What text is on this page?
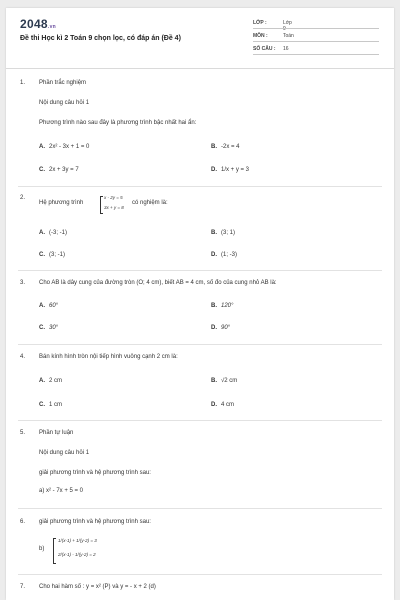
2048.vn
Đề thi Học kì 2 Toán 9 chọn lọc, có đáp án (Đề 4)
LỚP :	Lớp 9
MÔN :	Toán
SỐ CÂU :	16
1. Phần trắc nghiệm
Nội dung câu hỏi 1
Phương trình nào sau đây là phương trình bậc nhất hai ẩn:
A. 2x² - 3x + 1 = 0	B. -2x = 4
C. 2x + 3y = 7	D. 1/x + y = 3
2.
Hệ phương trình
x - 2y = 5
3x + y = 8
có nghiệm là:
A. (-3; -1)	B. (3; 1)
C. (3; -1)	D. (1; -3)
3. Cho AB là dây cung của đường tròn (O; 4 cm), biết AB = 4 cm, số đo của cung nhỏ AB là:
A. 60°	B. 120°
C. 30°	D. 90°
4. Bán kính hình tròn nội tiếp hình vuông cạnh 2 cm là:
A. 2 cm	B. √2 cm
C. 1 cm	D. 4 cm
5. Phần tự luận
Nội dung câu hỏi 1
giải phương trình và hệ phương trình sau:
a) x² - 7x + 5 = 0
6. giải phương trình và hệ phương trình sau:
b)
1/(x-1) + 1/(y-2) = 3
2/(x-1) - 1/(y-2) = 2
7. Cho hai hàm số : y = x² (P) và y = - x + 2 (d)
